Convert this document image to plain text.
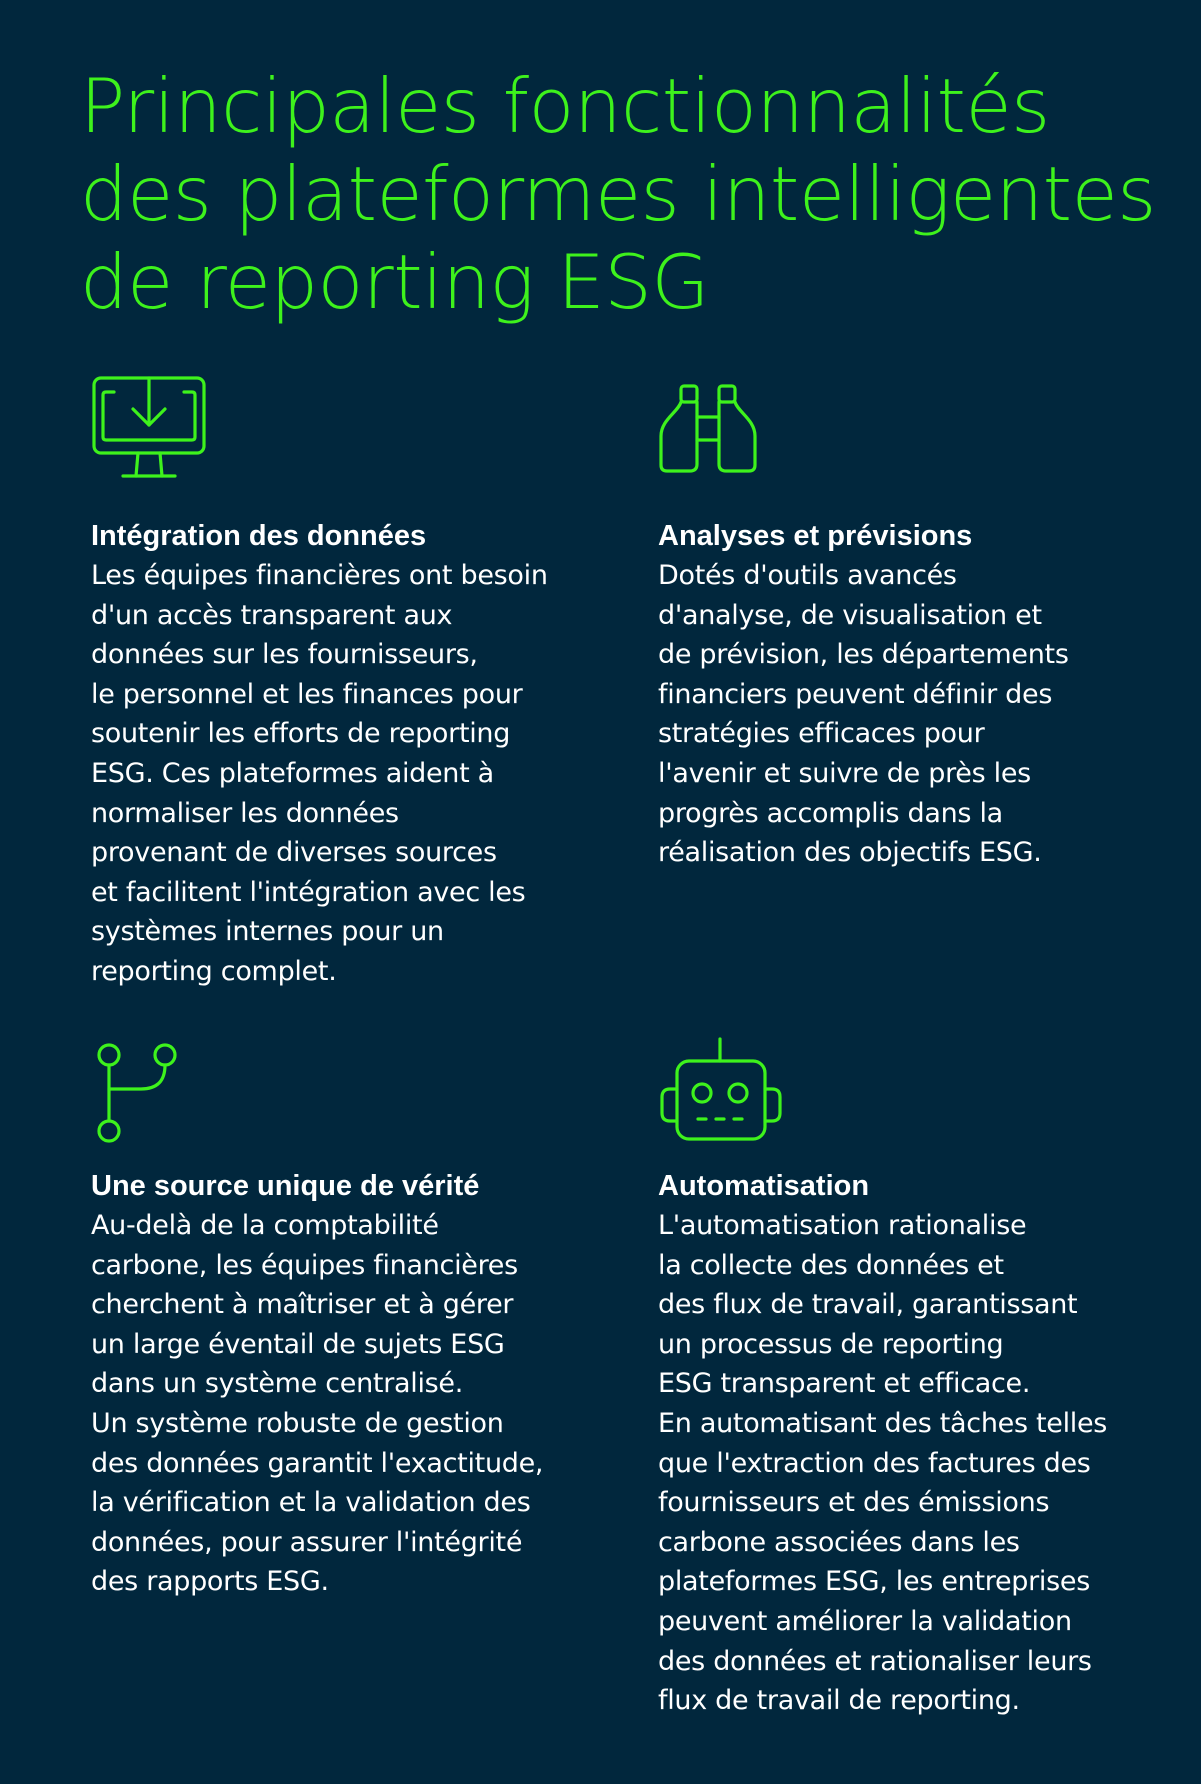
Principales fonctionnalités
des plateformes intelligentes
de reporting ESG
Intégration des données

Les équipes financières ont besoin
d'un accès transparent aux
données sur les fournisseurs,
le personnel et les finances pour
soutenir les efforts de reporting
ESG. Ces plateformes aident à
normaliser les données
provenant de diverses sources
et facilitent l'intégration avec les
systèmes internes pour un
reporting complet.

Analyses et prévisions

Dotés d'outils avancés
d'analyse, de visualisation et
de prévision, les départements
financiers peuvent définir des
stratégies efficaces pour
l'avenir et suivre de près les
progrès accomplis dans la
réalisation des objectifs ESG.

Une source unique de vérité

Au-delà de la comptabilité
carbone, les équipes financières
cherchent à maîtriser et à gérer
un large éventail de sujets ESG
dans un système centralisé.
Un système robuste de gestion
des données garantit l'exactitude,
la vérification et la validation des
données, pour assurer l'intégrité
des rapports ESG.

Automatisation

L'automatisation rationalise
la collecte des données et
des flux de travail, garantissant
un processus de reporting
ESG transparent et efficace.
En automatisant des tâches telles
que l'extraction des factures des
fournisseurs et des émissions
carbone associées dans les
plateformes ESG, les entreprises
peuvent améliorer la validation
des données et rationaliser leurs
flux de travail de reporting.
